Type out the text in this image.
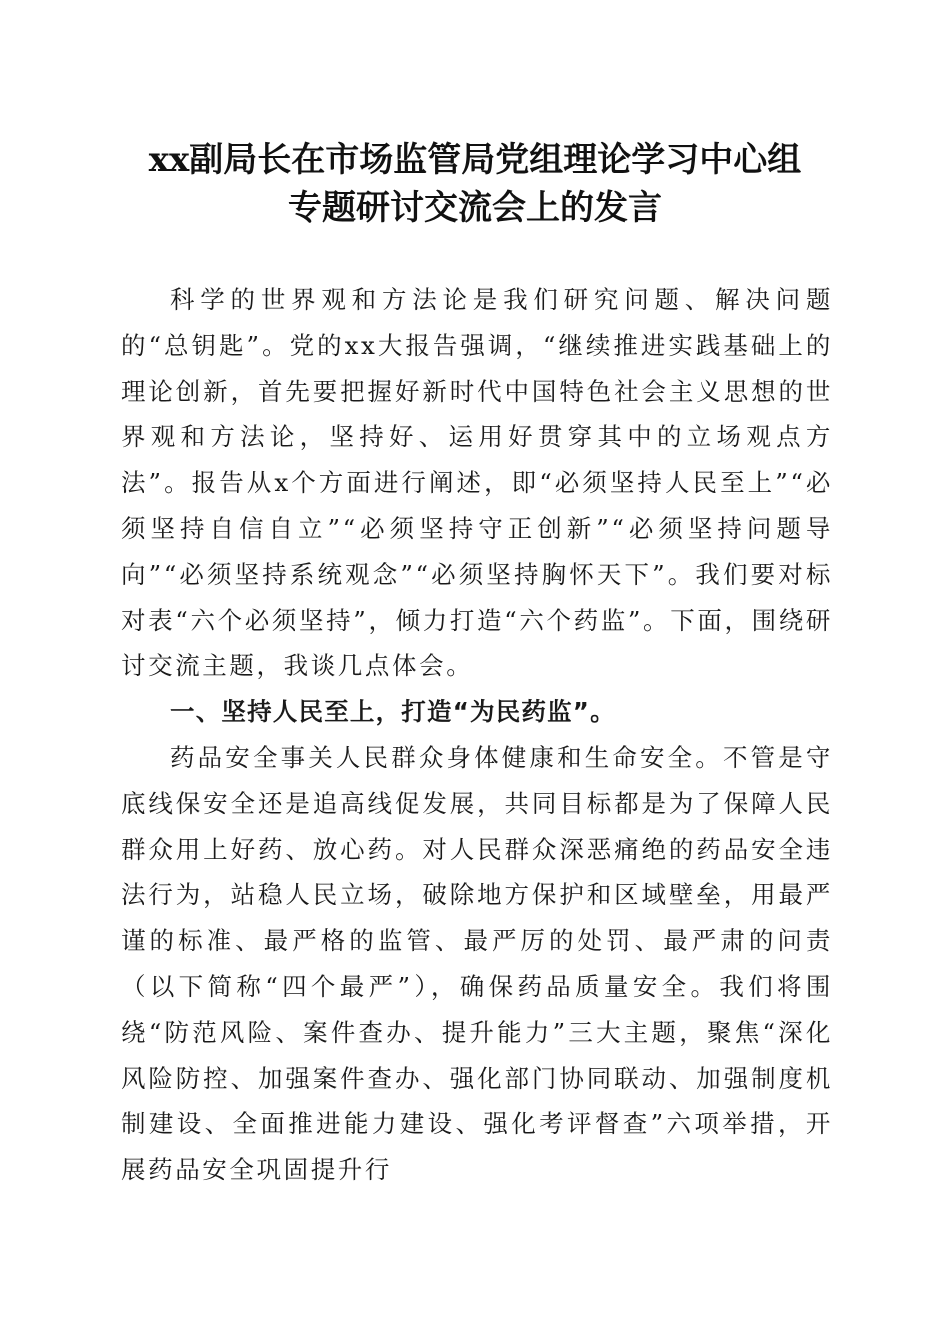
xx副局长在市场监管局党组理论学习中心组
专题研讨交流会上的发言

科学的世界观和方法论是我们研究问题、解决问题的“总钥匙”。党的xx大报告强调，“继续推进实践基础上的理论创新，首先要把握好新时代中国特色社会主义思想的世界观和方法论，坚持好、运用好贯穿其中的立场观点方法”。报告从x个方面进行阐述，即“必须坚持人民至上”“必须坚持自信自立”“必须坚持守正创新”“必须坚持问题导向”“必须坚持系统观念”“必须坚持胸怀天下”。我们要对标对表“六个必须坚持”，倾力打造“六个药监”。下面，围绕研讨交流主题，我谈几点体会。

一、坚持人民至上，打造“为民药监”。

药品安全事关人民群众身体健康和生命安全。不管是守底线保安全还是追高线促发展，共同目标都是为了保障人民群众用上好药、放心药。对人民群众深恶痛绝的药品安全违法行为，站稳人民立场，破除地方保护和区域壁垒，用最严谨的标准、最严格的监管、最严厉的处罚、最严肃的问责（以下简称“四个最严”），确保药品质量安全。我们将围绕“防范风险、案件查办、提升能力”三大主题，聚焦“深化风险防控、加强案件查办、强化部门协同联动、加强制度机制建设、全面推进能力建设、强化考评督查”六项举措，开展药品安全巩固提升行
